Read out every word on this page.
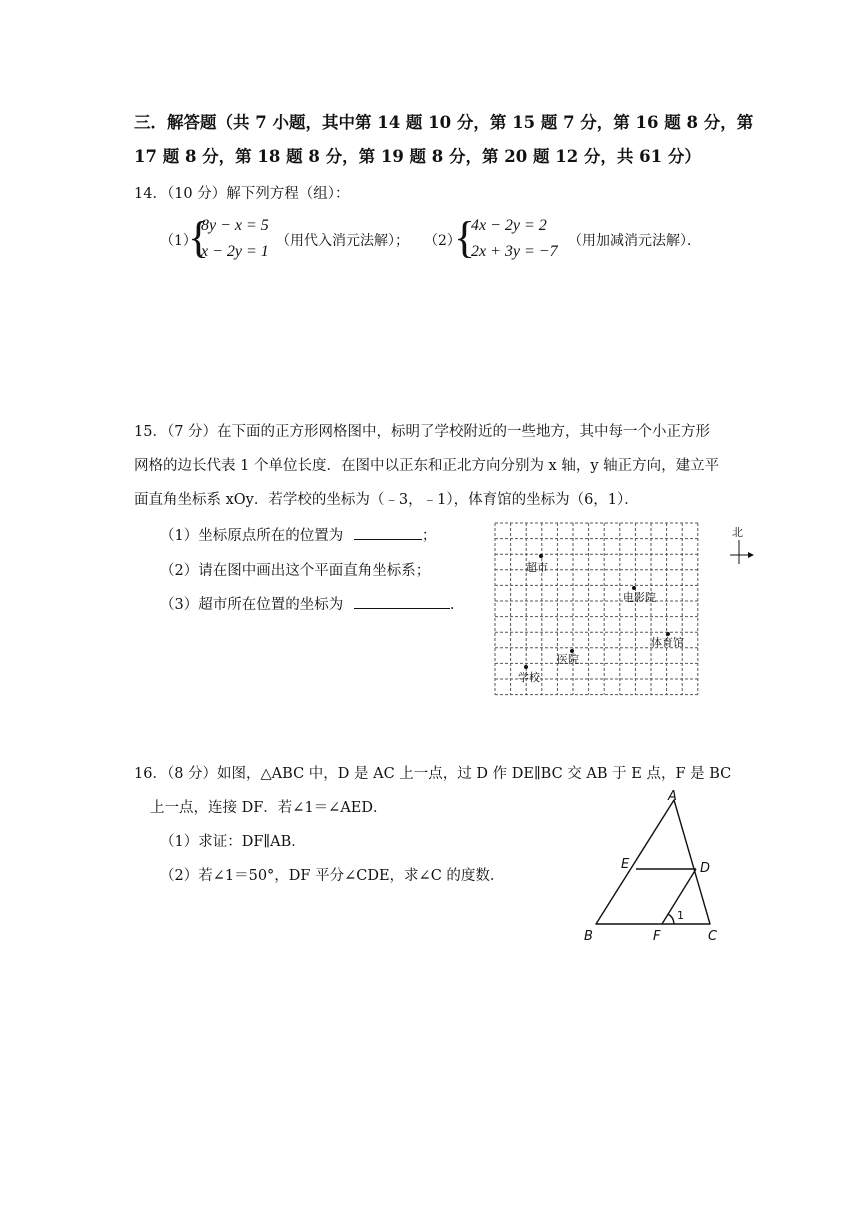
三．解答题（共 7 小题，其中第 14 题 10 分，第 15 题 7 分，第 16 题 8 分，第
17 题 8 分，第 18 题 8 分，第 19 题 8 分，第 20 题 12 分，共 61 分）
14．（10 分）解下列方程（组）：
（1）
{
8y − x = 5
x − 2y = 1
（用代入消元法解）； （2）
{
4x − 2y = 2
2x + 3y = −7
（用加减消元法解）．
15．（7 分）在下面的正方形网格图中，标明了学校附近的一些地方，其中每一个小正方形
网格的边长代表 1 个单位长度．在图中以正东和正北方向分别为 x 轴，y 轴正方向，建立平
面直角坐标系 xOy．若学校的坐标为（﹣3，﹣1），体育馆的坐标为（6，1）．
（1）坐标原点所在的位置为	；
（2）请在图中画出这个平面直角坐标系；
（3）超市所在位置的坐标为	.
超市
电影院
体育馆
医院
学校
北
16．（8 分）如图，△ABC 中，D 是 AC 上一点，过 D 作 DE∥BC 交 AB 于 E 点，F 是 BC
上一点，连接 DF．若∠1＝∠AED．
（1）求证：DF∥AB．
（2）若∠1＝50°，DF 平分∠CDE，求∠C 的度数．
A
B	C
D
E
F
1
